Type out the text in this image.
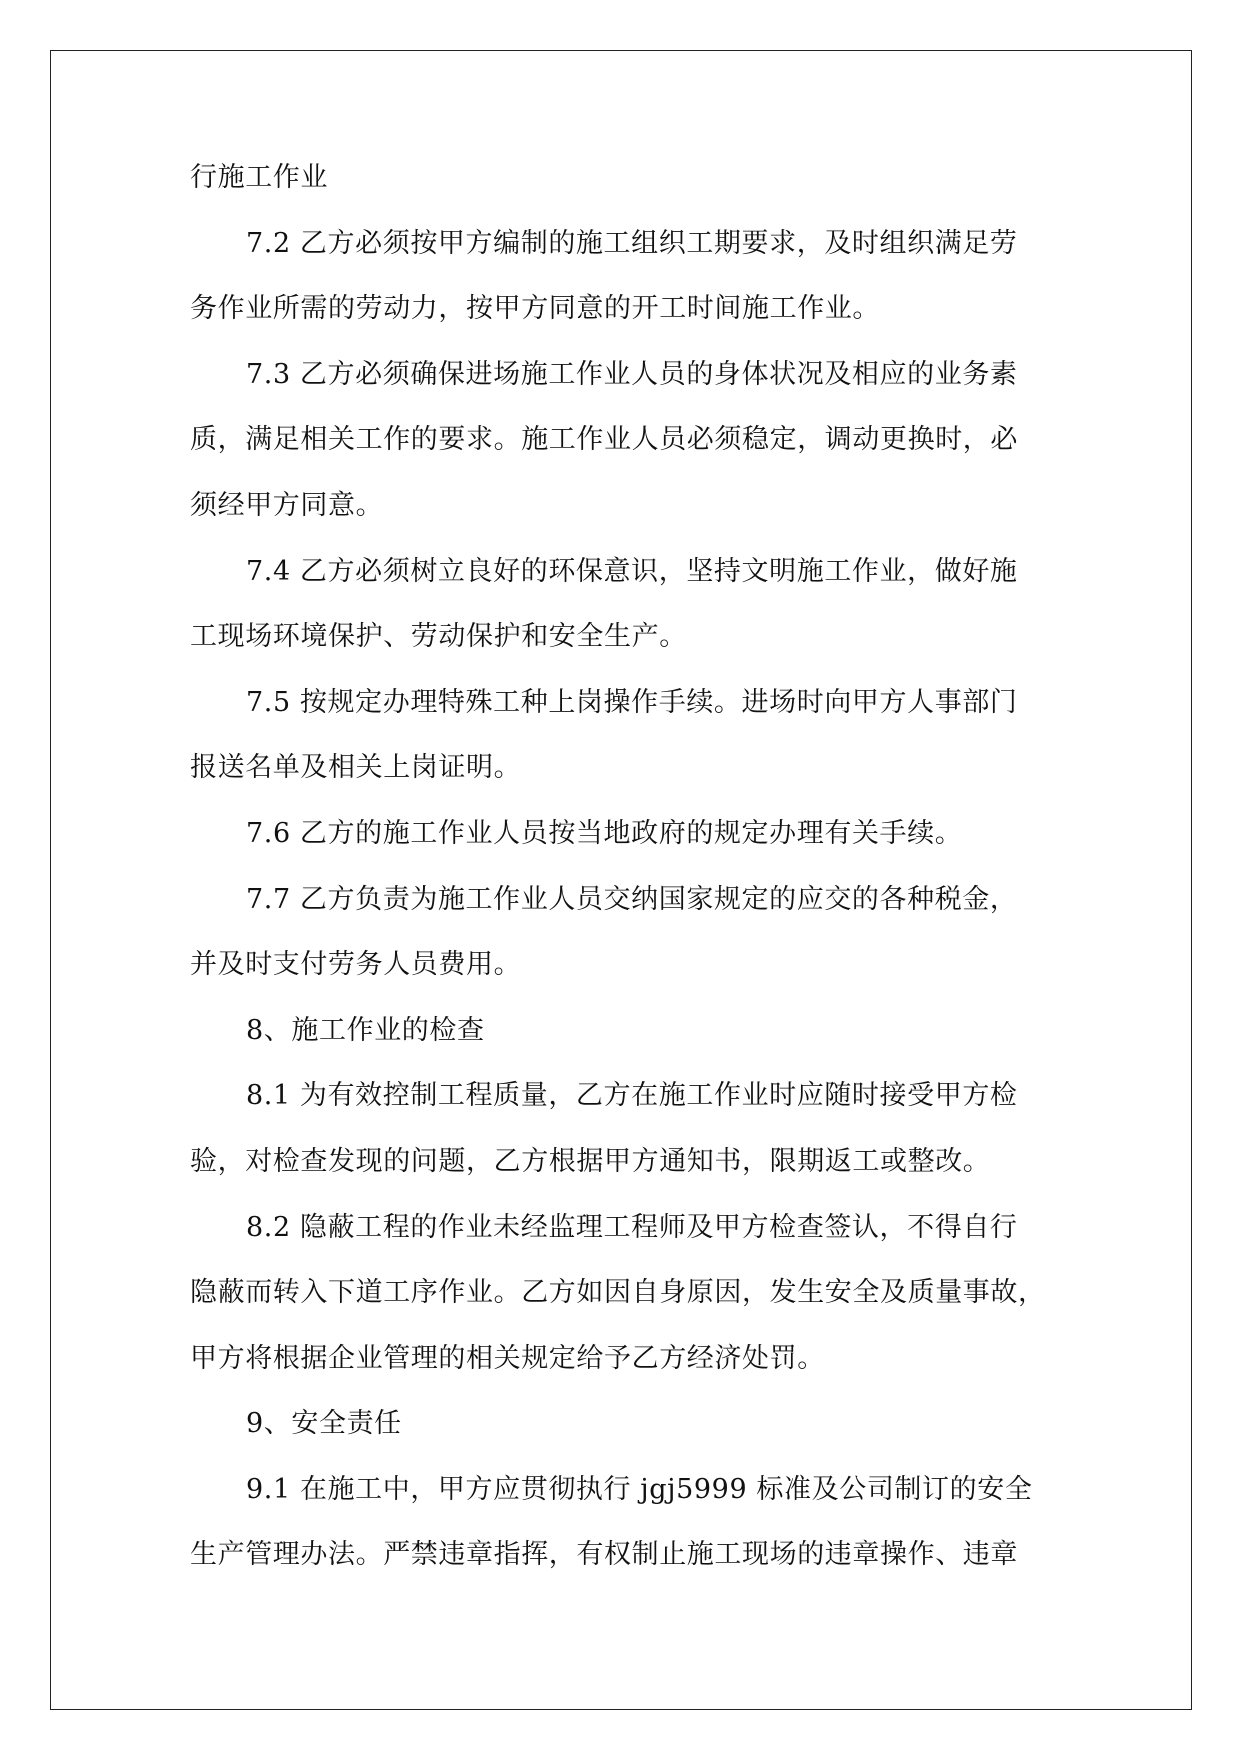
行施工作业
7.2 乙方必须按甲方编制的施工组织工期要求，及时组织满足劳
务作业所需的劳动力，按甲方同意的开工时间施工作业。
7.3 乙方必须确保进场施工作业人员的身体状况及相应的业务素
质，满足相关工作的要求。施工作业人员必须稳定，调动更换时，必
须经甲方同意。
7.4 乙方必须树立良好的环保意识，坚持文明施工作业，做好施
工现场环境保护、劳动保护和安全生产。
7.5 按规定办理特殊工种上岗操作手续。进场时向甲方人事部门
报送名单及相关上岗证明。
7.6 乙方的施工作业人员按当地政府的规定办理有关手续。
7.7 乙方负责为施工作业人员交纳国家规定的应交的各种税金，
并及时支付劳务人员费用。
8、施工作业的检查
8.1 为有效控制工程质量，乙方在施工作业时应随时接受甲方检
验，对检查发现的问题，乙方根据甲方通知书，限期返工或整改。
8.2 隐蔽工程的作业未经监理工程师及甲方检查签认，不得自行
隐蔽而转入下道工序作业。乙方如因自身原因，发生安全及质量事故，
甲方将根据企业管理的相关规定给予乙方经济处罚。
9、安全责任
9.1 在施工中，甲方应贯彻执行 jgj5999 标准及公司制订的安全
生产管理办法。严禁违章指挥，有权制止施工现场的违章操作、违章
